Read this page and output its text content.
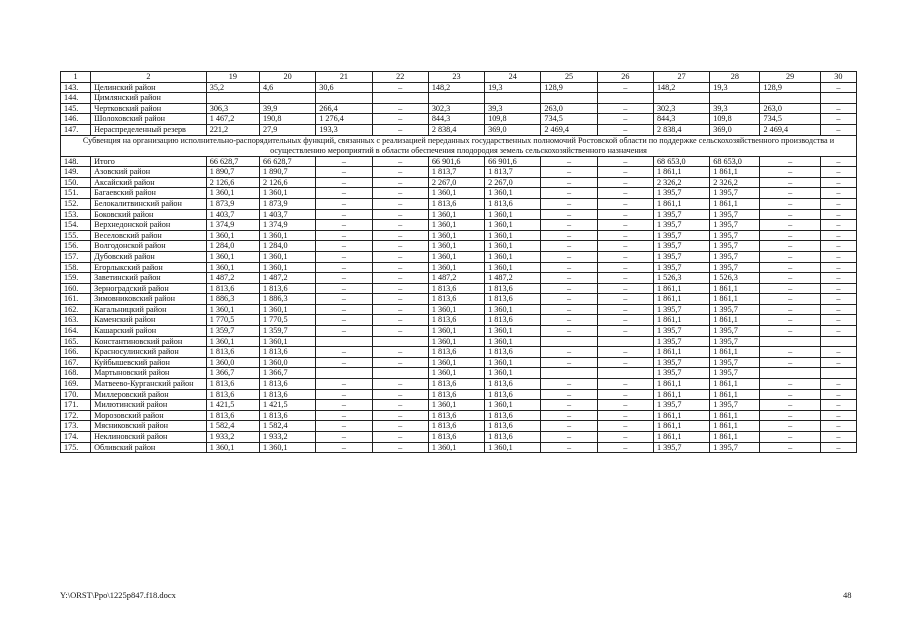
1	2	19	20	21	22	23	24	25	26	27	28	29	30
143.	Целинский район	35,2	4,6	30,6	–	148,2	19,3	128,9	–	148,2	19,3	128,9	–
144.	Цимлянский район												
145.	Чертковский район	306,3	39,9	266,4	–	302,3	39,3	263,0	–	302,3	39,3	263,0	–
146.	Шолоховский район	1 467,2	190,8	1 276,4	–	844,3	109,8	734,5	–	844,3	109,8	734,5	–
147.	Нераспределенный резерв	221,2	27,9	193,3	–	2 838,4	369,0	2 469,4	–	2 838,4	369,0	2 469,4	–
Субвенция на организацию исполнительно-распорядительных функций, связанных с реализацией переданных государственных полномочий Ростовской области по поддержке сельскохозяйственного производства и осуществлению мероприятий в области обеспечения плодородия земель сельскохозяйственного назначения													
148.	Итого	66 628,7	66 628,7	–	–	66 901,6	66 901,6	–	–	68 653,0	68 653,0	–	–
149.	Азовский район	1 890,7	1 890,7	–	–	1 813,7	1 813,7	–	–	1 861,1	1 861,1	–	–
150.	Аксайский район	2 126,6	2 126,6	–	–	2 267,0	2 267,0	–	–	2 326,2	2 326,2	–	–
151.	Багаевский район	1 360,1	1 360,1	–	–	1 360,1	1 360,1	–	–	1 395,7	1 395,7	–	–
152.	Белокалитвинский район	1 873,9	1 873,9	–	–	1 813,6	1 813,6	–	–	1 861,1	1 861,1	–	–
153.	Боковский район	1 403,7	1 403,7	–	–	1 360,1	1 360,1	–	–	1 395,7	1 395,7	–	–
154.	Верхнедонской район	1 374,9	1 374,9	–	–	1 360,1	1 360,1	–	–	1 395,7	1 395,7	–	–
155.	Веселовский район	1 360,1	1 360,1	–	–	1 360,1	1 360,1	–	–	1 395,7	1 395,7	–	–
156.	Волгодонской район	1 284,0	1 284,0	–	–	1 360,1	1 360,1	–	–	1 395,7	1 395,7	–	–
157.	Дубовский район	1 360,1	1 360,1	–	–	1 360,1	1 360,1	–	–	1 395,7	1 395,7	–	–
158.	Егорлыкский район	1 360,1	1 360,1	–	–	1 360,1	1 360,1	–	–	1 395,7	1 395,7	–	–
159.	Заветинский район	1 487,2	1 487,2	–	–	1 487,2	1 487,2	–	–	1 526,3	1 526,3	–	–
160.	Зерноградский район	1 813,6	1 813,6	–	–	1 813,6	1 813,6	–	–	1 861,1	1 861,1	–	–
161.	Зимовниковский район	1 886,3	1 886,3	–	–	1 813,6	1 813,6	–	–	1 861,1	1 861,1	–	–
162.	Кагальницкий район	1 360,1	1 360,1	–	–	1 360,1	1 360,1	–	–	1 395,7	1 395,7	–	–
163.	Каменский район	1 770,5	1 770,5	–	–	1 813,6	1 813,6	–	–	1 861,1	1 861,1	–	–
164.	Кашарский район	1 359,7	1 359,7	–	–	1 360,1	1 360,1	–	–	1 395,7	1 395,7	–	–
165.	Константиновский район	1 360,1	1 360,1			1 360,1	1 360,1			1 395,7	1 395,7		
166.	Красносулинский район	1 813,6	1 813,6	–	–	1 813,6	1 813,6	–	–	1 861,1	1 861,1	–	–
167.	Куйбышевский район	1 360,0	1 360,0	–	–	1 360,1	1 360,1	–	–	1 395,7	1 395,7	–	–
168.	Мартыновский район	1 366,7	1 366,7			1 360,1	1 360,1			1 395,7	1 395,7		
169.	Матвеево-Курганский район	1 813,6	1 813,6	–	–	1 813,6	1 813,6	–	–	1 861,1	1 861,1	–	–
170.	Миллеровский район	1 813,6	1 813,6	–	–	1 813,6	1 813,6	–	–	1 861,1	1 861,1	–	–
171.	Милютинский район	1 421,5	1 421,5	–	–	1 360,1	1 360,1	–	–	1 395,7	1 395,7	–	–
172.	Морозовский район	1 813,6	1 813,6	–	–	1 813,6	1 813,6	–	–	1 861,1	1 861,1	–	–
173.	Мясниковский район	1 582,4	1 582,4	–	–	1 813,6	1 813,6	–	–	1 861,1	1 861,1	–	–
174.	Неклиновский район	1 933,2	1 933,2	–	–	1 813,6	1 813,6	–	–	1 861,1	1 861,1	–	–
175.	Обливский район	1 360,1	1 360,1	–	–	1 360,1	1 360,1	–	–	1 395,7	1 395,7	–	–
Y:\ORST\Ppo\1225p847.f18.docx	48
